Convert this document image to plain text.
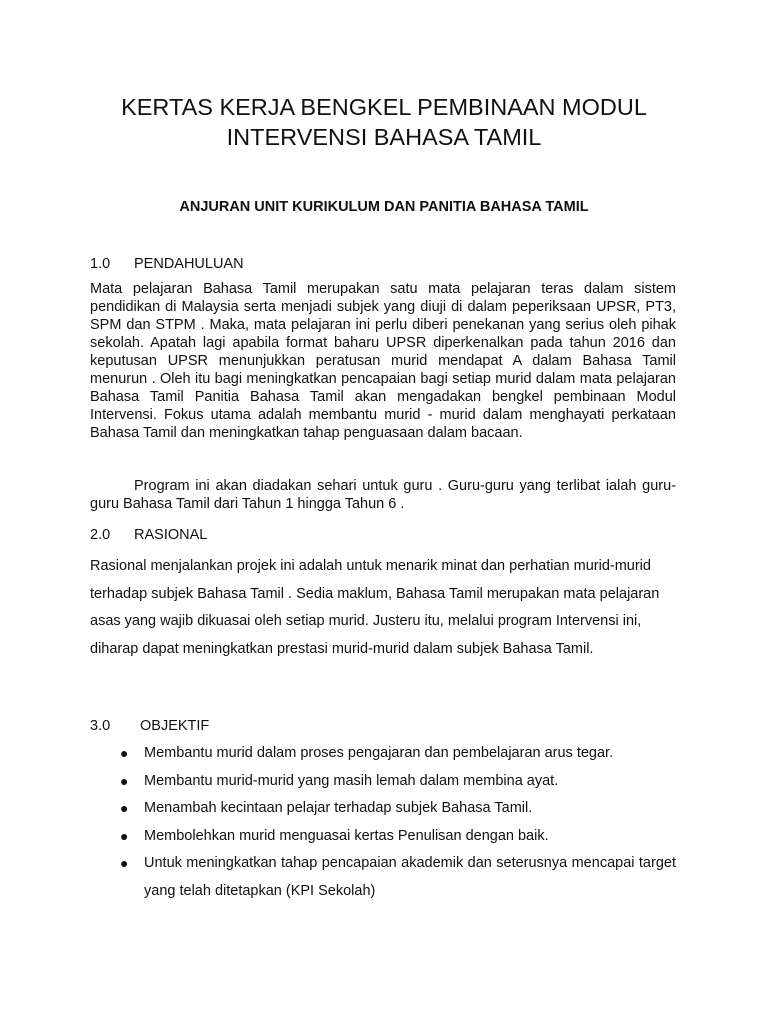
KERTAS KERJA BENGKEL PEMBINAAN MODUL
INTERVENSI BAHASA TAMIL
ANJURAN UNIT KURIKULUM DAN PANITIA BAHASA TAMIL
1.0 PENDAHULUAN

Mata pelajaran Bahasa Tamil merupakan satu mata pelajaran teras dalam sistem pendidikan di Malaysia serta menjadi subjek yang diuji di dalam peperiksaan UPSR, PT3, SPM dan STPM . Maka, mata pelajaran ini perlu diberi penekanan yang serius oleh pihak sekolah. Apatah lagi apabila format baharu UPSR diperkenalkan pada tahun 2016 dan keputusan UPSR menunjukkan peratusan murid mendapat A dalam Bahasa Tamil menurun . Oleh itu bagi meningkatkan pencapaian bagi setiap murid dalam mata pelajaran Bahasa Tamil Panitia Bahasa Tamil akan mengadakan bengkel pembinaan Modul Intervensi. Fokus utama adalah membantu murid - murid dalam menghayati perkataan Bahasa Tamil dan meningkatkan tahap penguasaan dalam bacaan.

Program ini akan diadakan sehari untuk guru . Guru-guru yang terlibat ialah guru-guru Bahasa Tamil dari Tahun 1 hingga Tahun 6 .

2.0 RASIONAL

Rasional menjalankan projek ini adalah untuk menarik minat dan perhatian murid-murid terhadap subjek Bahasa Tamil . Sedia maklum, Bahasa Tamil merupakan mata pelajaran asas yang wajib dikuasai oleh setiap murid. Justeru itu, melalui program Intervensi ini, diharap dapat meningkatkan prestasi murid-murid dalam subjek Bahasa Tamil.

3.0 OBJEKTIF
● Membantu murid dalam proses pengajaran dan pembelajaran arus tegar.
● Membantu murid-murid yang masih lemah dalam membina ayat.
● Menambah kecintaan pelajar terhadap subjek Bahasa Tamil.
● Membolehkan murid menguasai kertas Penulisan dengan baik.
● Untuk meningkatkan tahap pencapaian akademik dan seterusnya mencapai target yang telah ditetapkan (KPI Sekolah)
